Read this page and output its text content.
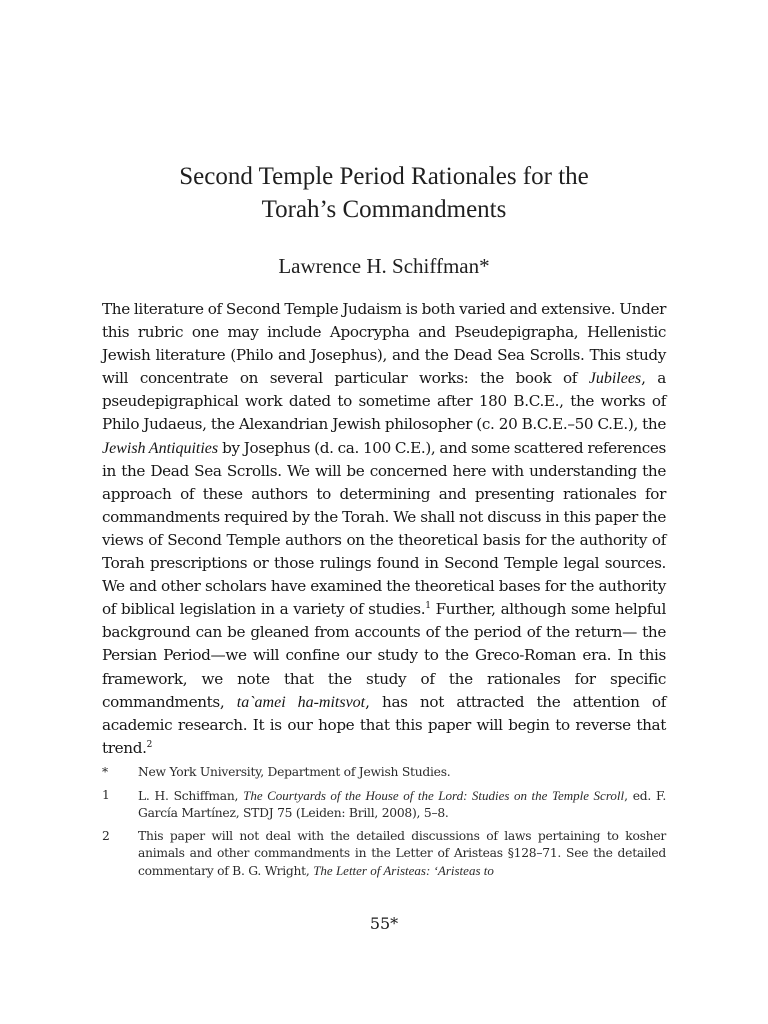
Second Temple Period Rationales for the
Torah’s Commandments
Lawrence H. Schiffman*

The literature of Second Temple Judaism is both varied and extensive. Under this rubric one may include Apocrypha and Pseudepigrapha, Hellenistic Jewish literature (Philo and Josephus), and the Dead Sea Scrolls. This study will concentrate on several particular works: the book of Jubilees, a pseudepigraphical work dated to sometime after 180 B.C.E., the works of Philo Judaeus, the Alexandrian Jewish philosopher (c. 20 B.C.E.–50 C.E.), the Jewish Antiquities by Josephus (d. ca. 100 C.E.), and some scattered references in the Dead Sea Scrolls. We will be concerned here with understanding the approach of these authors to determining and presenting rationales for commandments required by the Torah. We shall not discuss in this paper the views of Second Temple authors on the theoretical basis for the authority of Torah prescriptions or those rulings found in Second Temple legal sources. We and other scholars have examined the theoretical bases for the authority of biblical legislation in a variety of studies.$^1$ Further, although some helpful background can be gleaned from accounts of the period of the return— the Persian Period—we will confine our study to the Greco-Roman era. In this framework, we note that the study of the rationales for specific commandments, ta`amei ha-mitsvot, has not attracted the attention of academic research. It is our hope that this paper will begin to reverse that trend.$^2$

*	New York University, Department of Jewish Studies.
1	L. H. Schiffman, The Courtyards of the House of the Lord: Studies on the Temple Scroll, ed. F. García Martínez, STDJ 75 (Leiden: Brill, 2008), 5–8.
2	This paper will not deal with the detailed discussions of laws pertaining to kosher animals and other commandments in the Letter of Aristeas §128–71. See the detailed commentary of B. G. Wright, The Letter of Aristeas: ‘Aristeas to

55*
